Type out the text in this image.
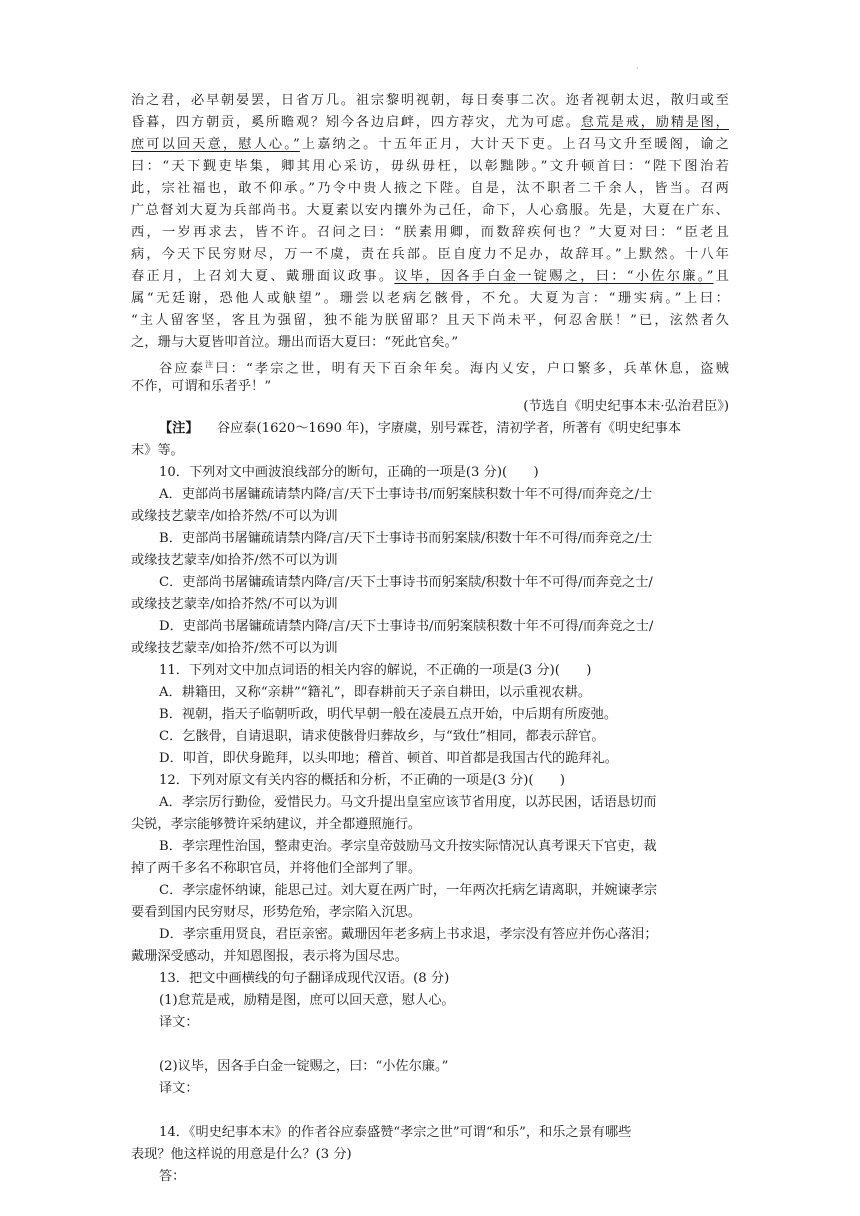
·
治之君，必早朝晏罢，日省万几。祖宗黎明视朝，每日奏事二次。迩者视朝太迟，散归或至
昏暮，四方朝贡，奚所瞻观？矧今各边启衅，四方荐灾，尤为可虑。怠荒是戒，励精是图，
庶可以回天意，慰人心。”上嘉纳之。十五年正月，大计天下吏。上召马文升至暖阁，谕之
曰：“天下觐吏毕集，卿其用心采访，毋纵毋枉，以彰黜陟。”文升顿首曰：“陛下图治若
此，宗社福也，敢不仰承。”乃令中贵人掖之下陛。自是，汰不职者二千余人，皆当。召两
广总督刘大夏为兵部尚书。大夏素以安内攘外为己任，命下，人心翕服。先是，大夏在广东、
西，一岁再求去，皆不许。召问之曰：“朕素用卿，而数辞疾何也？”大夏对曰：“臣老且
病，今天下民穷财尽，万一不虞，责在兵部。臣自度力不足办，故辞耳。”上默然。十八年
春正月，上召刘大夏、戴珊面议政事。议毕，因各手白金一锭赐之，曰：“小佐尔廉。”且
属“无廷谢，恐他人或觖望”。珊尝以老病乞骸骨，不允。大夏为言：“珊实病。”上曰：
“主人留客坚，客且为强留，独不能为朕留耶？且天下尚未平，何忍舍朕！”已，泫然者久
之，珊与大夏皆叩首泣。珊出而语大夏曰：“死此官矣。”
谷应泰$^注$曰：“孝宗之世，明有天下百余年矣。海内乂安，户口繁多，兵革休息，盗贼
不作，可谓和乐者乎！”
(节选自《明史纪事本末·弘治君臣》)
【注】 谷应泰(1620～1690 年)，字赓虞，别号霖苍，清初学者，所著有《明史纪事本
末》等。
10．下列对文中画波浪线部分的断句，正确的一项是(3 分)(　　)
A．吏部尚书屠镛疏请禁内降/言/天下士事诗书/而躬案牍积数十年不可得/而奔竞之/士
或缘技艺蒙幸/如拾芥然/不可以为训
B．吏部尚书屠镛疏请禁内降/言/天下士事诗书而躬案牍/积数十年不可得/而奔竞之/士
或缘技艺蒙幸/如拾芥/然不可以为训
C．吏部尚书屠镛疏请禁内降/言/天下士事诗书而躬案牍/积数十年不可得/而奔竞之士/
或缘技艺蒙幸/如拾芥然/不可以为训
D．吏部尚书屠镛疏请禁内降/言/天下士事诗书/而躬案牍积数十年不可得/而奔竞之士/
或缘技艺蒙幸/如拾芥/然不可以为训
11．下列对文中加点词语的相关内容的解说，不正确的一项是(3 分)(　　)
A．耕籍田，又称“亲耕”“籍礼”，即春耕前天子亲自耕田，以示重视农耕。
B．视朝，指天子临朝听政，明代早朝一般在凌晨五点开始，中后期有所废弛。
C．乞骸骨，自请退职，请求使骸骨归葬故乡，与“致仕”相同，都表示辞官。
D．叩首，即伏身跪拜，以头叩地；稽首、顿首、叩首都是我国古代的跪拜礼。
12．下列对原文有关内容的概括和分析，不正确的一项是(3 分)(　　)
A．孝宗厉行勤俭，爱惜民力。马文升提出皇室应该节省用度，以苏民困，话语恳切而
尖锐，孝宗能够赞许采纳建议，并全都遵照施行。
B．孝宗理性治国，整肃吏治。孝宗皇帝鼓励马文升按实际情况认真考课天下官吏，裁
掉了两千多名不称职官员，并将他们全部判了罪。
C．孝宗虚怀纳谏，能思己过。刘大夏在两广时，一年两次托病乞请离职，并婉谏孝宗
要看到国内民穷财尽，形势危殆，孝宗陷入沉思。
D．孝宗重用贤良，君臣亲密。戴珊因年老多病上书求退，孝宗没有答应并伤心落泪；
戴珊深受感动，并知恩图报，表示将为国尽忠。
13．把文中画横线的句子翻译成现代汉语。(8 分)
(1)怠荒是戒，励精是图，庶可以回天意，慰人心。
译文：
(2)议毕，因各手白金一锭赐之，曰：“小佐尔廉。”
译文：
14．《明史纪事本末》的作者谷应泰盛赞“孝宗之世”可谓“和乐”，和乐之景有哪些
表现？他这样说的用意是什么？(3 分)
答：
